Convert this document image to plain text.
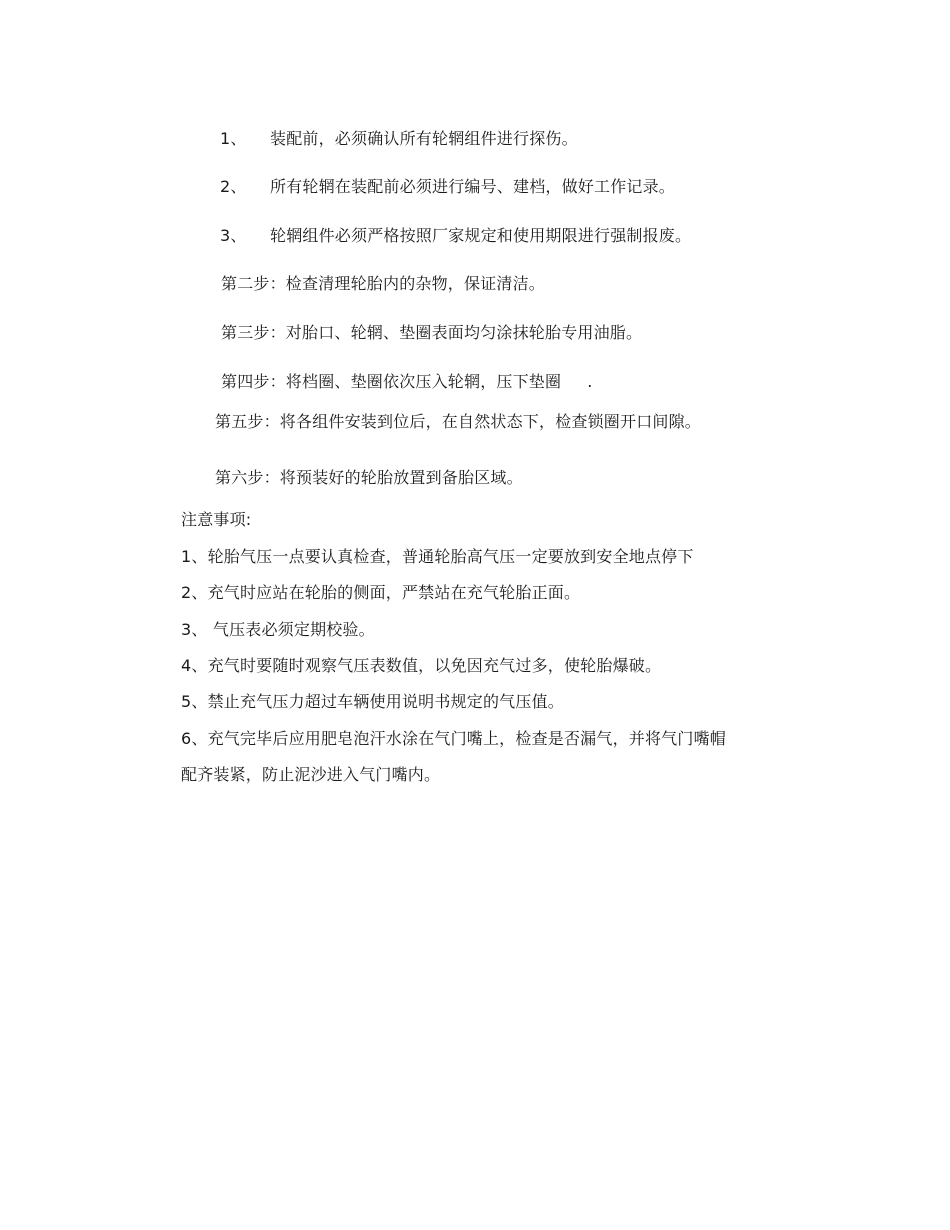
1、 装配前，必须确认所有轮辋组件进行探伤。
2、 所有轮辋在装配前必须进行编号、建档，做好工作记录。
3、 轮辋组件必须严格按照厂家规定和使用期限进行强制报废。
第二步：检查清理轮胎内的杂物，保证清洁。
第三步：对胎口、轮辋、垫圈表面均匀涂抹轮胎专用油脂。
第四步：将档圈、垫圈依次压入轮辋，压下垫圈 .
第五步：将各组件安装到位后，在自然状态下，检查锁圈开口间隙。
第六步：将预装好的轮胎放置到备胎区域。
注意事项:
1、轮胎气压一点要认真检查，普通轮胎高气压一定要放到安全地点停下
2、充气时应站在轮胎的侧面，严禁站在充气轮胎正面。
3、 气压表必须定期校验。
4、充气时要随时观察气压表数值，以免因充气过多，使轮胎爆破。
5、禁止充气压力超过车辆使用说明书规定的气压值。
6、充气完毕后应用肥皂泡汗水涂在气门嘴上，检查是否漏气，并将气门嘴帽
配齐装紧，防止泥沙进入气门嘴内。
